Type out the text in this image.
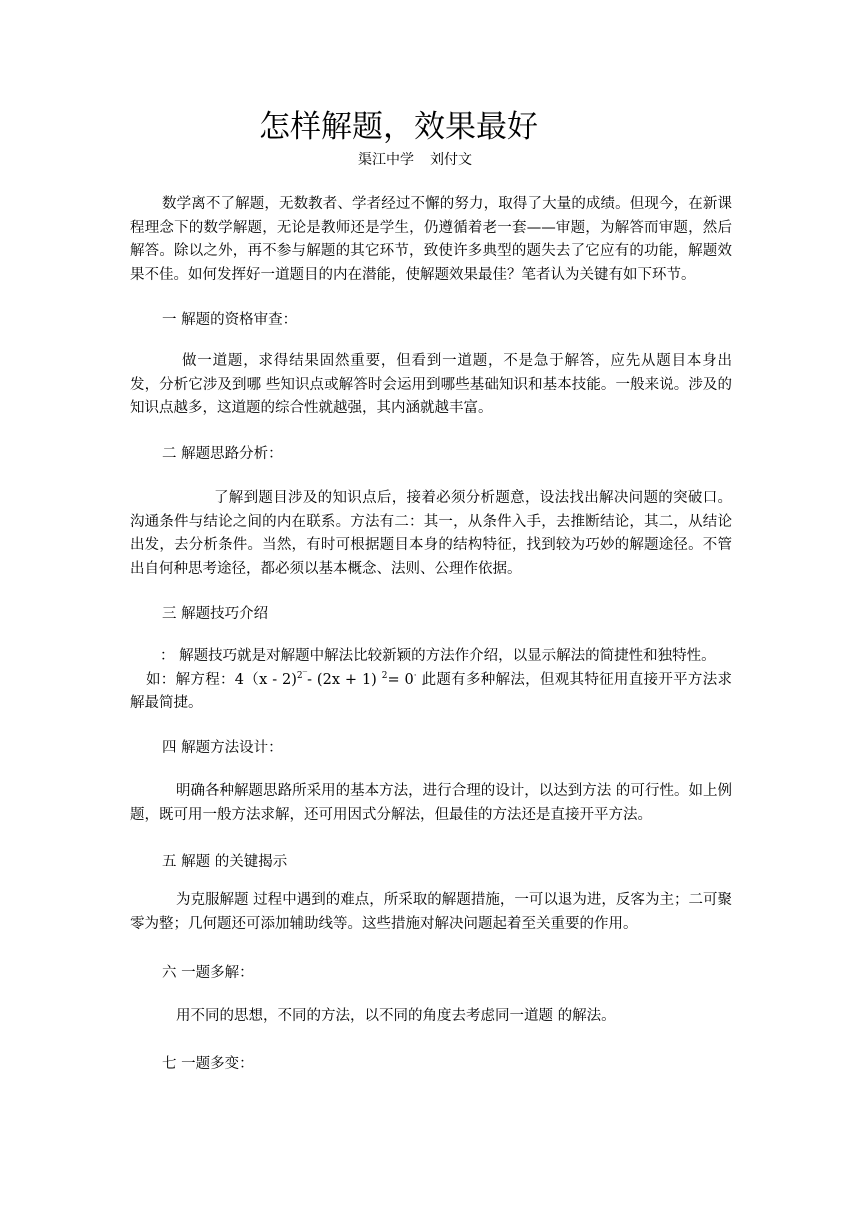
怎样解题，效果最好
渠江中学 刘付文
数学离不了解题，无数教者、学者经过不懈的努力，取得了大量的成绩。但现今，在新课程理念下的数学解题，无论是教师还是学生，仍遵循着老一套——审题，为解答而审题，然后解答。除以之外，再不参与解题的其它环节，致使许多典型的题失去了它应有的功能，解题效果不佳。如何发挥好一道题目的内在潜能，使解题效果最佳？笔者认为关键有如下环节。
一 解题的资格审查：
做一道题，求得结果固然重要，但看到一道题，不是急于解答，应先从题目本身出发，分析它涉及到哪 些知识点或解答时会运用到哪些基础知识和基本技能。一般来说。涉及的知识点越多，这道题的综合性就越强，其内涵就越丰富。
二 解题思路分析：
了解到题目涉及的知识点后，接着必须分析题意，设法找出解决问题的突破口。沟通条件与结论之间的内在联系。方法有二：其一，从条件入手，去推断结论，其二，从结论出发，去分析条件。当然，有时可根据题目本身的结构特征，找到较为巧妙的解题途径。不管出自何种思考途径，都必须以基本概念、法则、公理作依据。
三 解题技巧介绍
： 解题技巧就是对解题中解法比较新颖的方法作介绍，以显示解法的简捷性和独特性。
如：解方程：4（x - 2)$^{2‾}$- (2x + 1) $^2$= 0· 此题有多种解法，但观其特征用直接开平方法求解最简捷。
四 解题方法设计：
明确各种解题思路所采用的基本方法，进行合理的设计，以达到方法 的可行性。如上例题，既可用一般方法求解，还可用因式分解法，但最佳的方法还是直接开平方法。
五 解题 的关键揭示
为克服解题 过程中遇到的难点，所采取的解题措施，一可以退为进，反客为主；二可聚零为整；几何题还可添加辅助线等。这些措施对解决问题起着至关重要的作用。
六 一题多解：
用不同的思想，不同的方法，以不同的角度去考虑同一道题 的解法。
七 一题多变：
